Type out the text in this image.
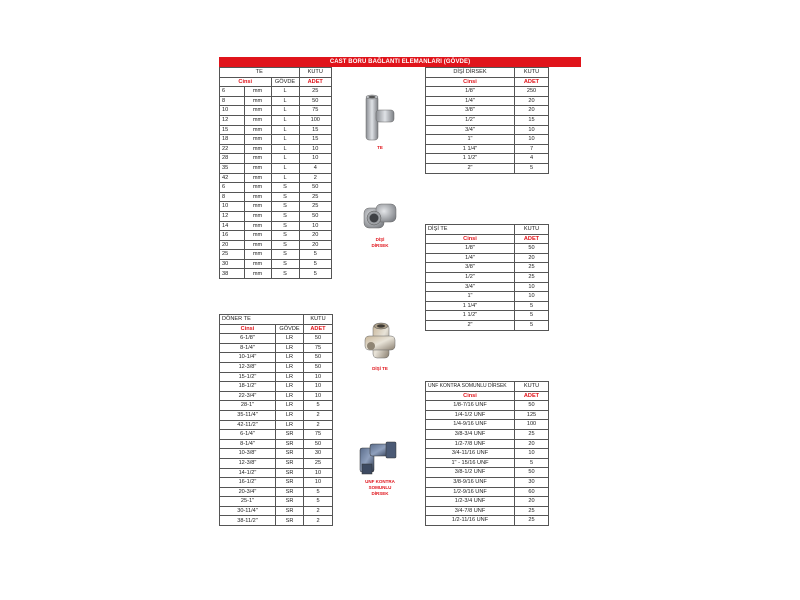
CAST BORU BAĞLANTI ELEMANLARI (GÖVDE)
TE			KUTU
Cinsi		GÖVDE	ADET
6	mm	L	25
8	mm	L	50
10	mm	L	75
12	mm	L	100
15	mm	L	15
18	mm	L	15
22	mm	L	10
28	mm	L	10
35	mm	L	4
42	mm	L	2
6	mm	S	50
8	mm	S	25
10	mm	S	25
12	mm	S	50
14	mm	S	10
16	mm	S	20
20	mm	S	20
25	mm	S	5
30	mm	S	5
38	mm	S	5
DİŞİ DİRSEK	KUTU
Cinsi	ADET
1/8"	250
1/4"	20
3/8"	20
1/2"	15
3/4"	10
1"	10
1 1/4"	7
1 1/2"	4
2"	5
DİŞİ TE	KUTU
Cinsi	ADET
1/8"	50
1/4"	20
3/8"	25
1/2"	25
3/4"	10
1"	10
1 1/4"	5
1 1/2"	5
2"	5
DÖNER TE		KUTU
Cinsi	GÖVDE	ADET
6-1/8"	LR	50
8-1/4"	LR	75
10-1/4"	LR	50
12-3/8"	LR	50
15-1/2"	LR	10
18-1/2"	LR	10
22-3/4"	LR	10
28-1"	LR	5
35-11/4"	LR	2
42-11/2"	LR	2
6-1/4"	SR	75
8-1/4"	SR	50
10-3/8"	SR	30
12-3/8"	SR	25
14-1/2"	SR	10
16-1/2"	SR	10
20-3/4"	SR	5
25-1"	SR	5
30-11/4"	SR	2
38-11/2"	SR	2
UNF KONTRA SOMUNLU DİRSEK	KUTU
Cinsi	ADET
1/8-7/16 UNF	50
1/4-1/2 UNF	125
1/4-9/16 UNF	100
3/8-3/4 UNF	25
1/2-7/8 UNF	20
3/4-11/16 UNF	10
1" - 15/16 UNF	5
3/8-1/2 UNF	50
3/8-9/16 UNF	30
1/2-9/16 UNF	60
1/2-3/4 UNF	20
3/4-7/8 UNF	25
1/2-11/16 UNF	25
TE
DİŞİ
DİRSEK
DİŞİ TE
UNF KONTRA
SOMUNLU
DİRSEK
